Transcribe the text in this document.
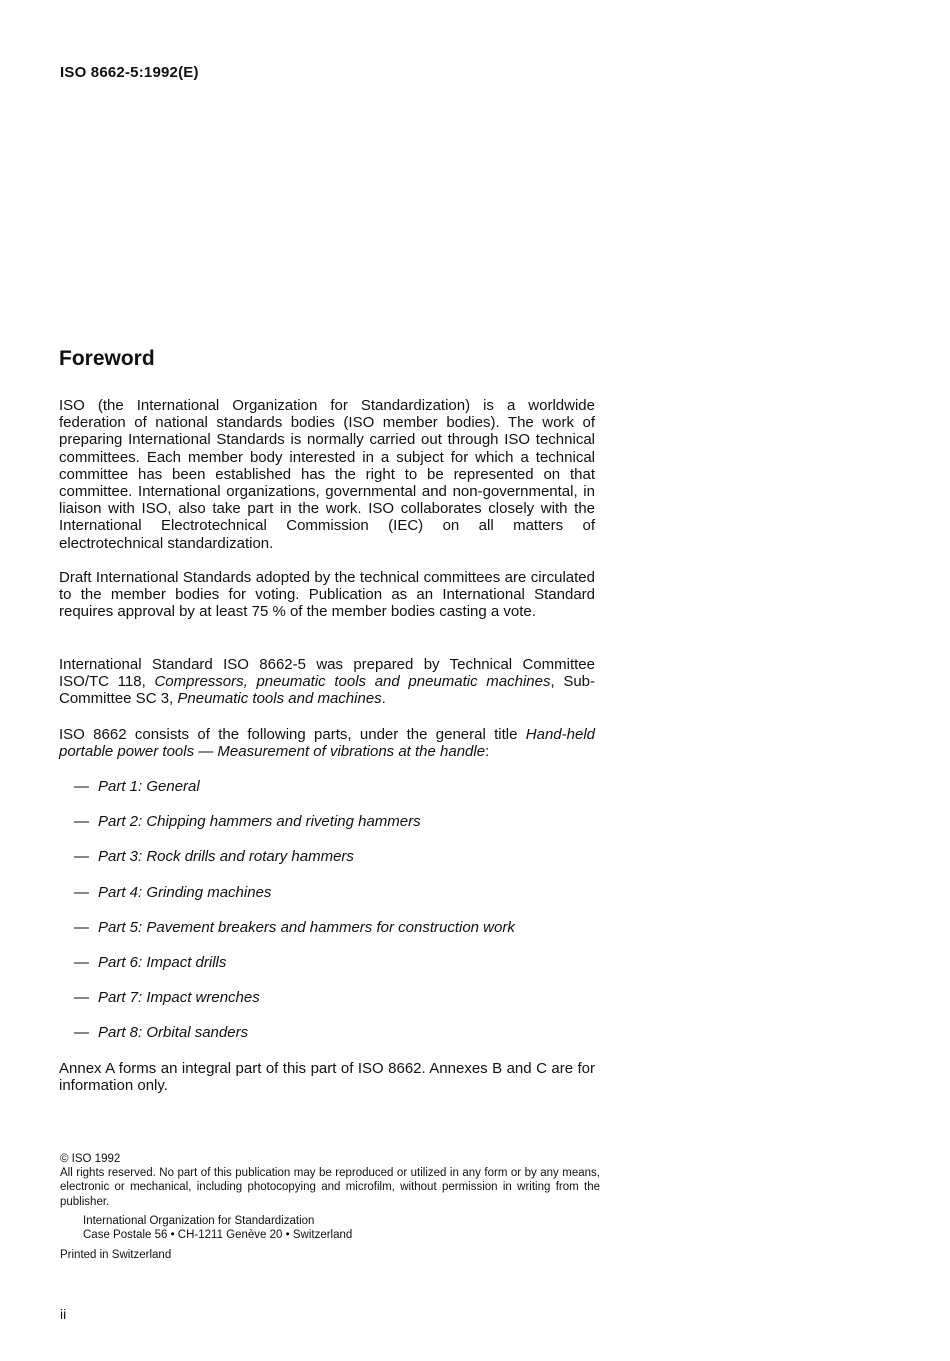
ISO 8662-5:1992(E)
Foreword

ISO (the International Organization for Standardization) is a worldwide federation of national standards bodies (ISO member bodies). The work of preparing International Standards is normally carried out through ISO technical committees. Each member body interested in a subject for which a technical committee has been established has the right to be represented on that committee. International organizations, governmental and non-governmental, in liaison with ISO, also take part in the work. ISO collaborates closely with the International Electrotechnical Commission (IEC) on all matters of electrotechnical standardization.

Draft International Standards adopted by the technical committees are circulated to the member bodies for voting. Publication as an International Standard requires approval by at least 75 % of the member bodies casting a vote.

International Standard ISO 8662-5 was prepared by Technical Committee ISO/TC 118, Compressors, pneumatic tools and pneumatic machines, Sub-Committee SC 3, Pneumatic tools and machines.

ISO 8662 consists of the following parts, under the general title Hand-held portable power tools — Measurement of vibrations at the handle:

— Part 1: General
— Part 2: Chipping hammers and riveting hammers
— Part 3: Rock drills and rotary hammers
— Part 4: Grinding machines
— Part 5: Pavement breakers and hammers for construction work
— Part 6: Impact drills
— Part 7: Impact wrenches
— Part 8: Orbital sanders

Annex A forms an integral part of this part of ISO 8662. Annexes B and C are for information only.

© ISO 1992

All rights reserved. No part of this publication may be reproduced or utilized in any form or by any means, electronic or mechanical, including photocopying and microfilm, without permission in writing from the publisher.

International Organization for Standardization
Case Postale 56 • CH-1211 Genève 20 • Switzerland

Printed in Switzerland

ii
